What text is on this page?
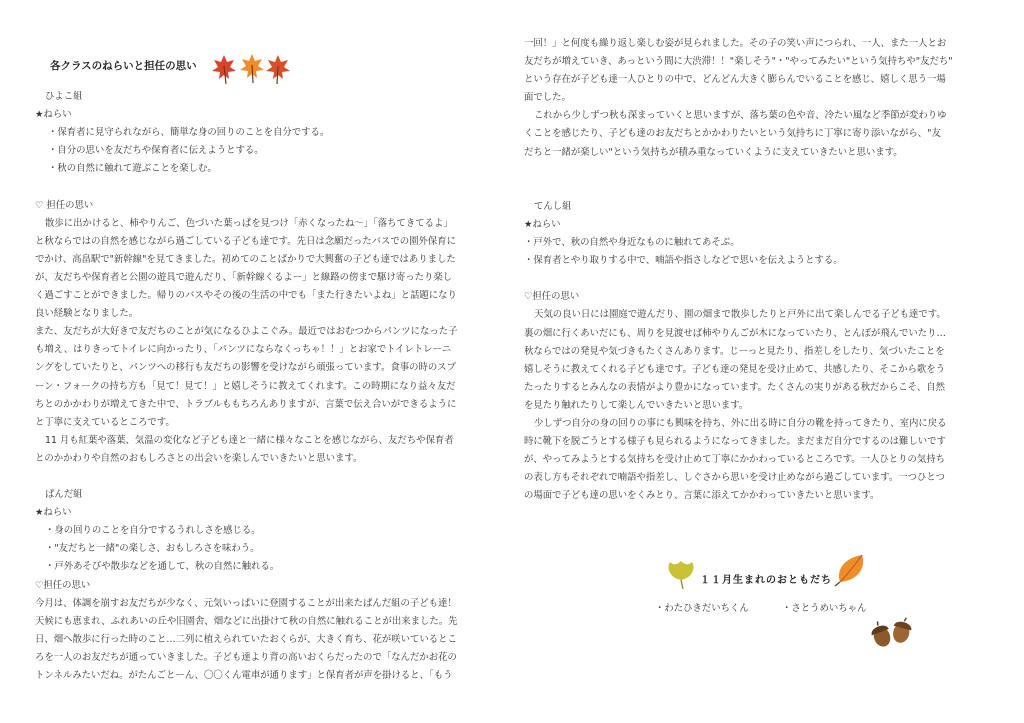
各クラスのねらいと担任の思い

ひよこ組

★ねらい

・保育者に見守られながら、簡単な身の回りのことを自分でする。

・自分の思いを友だちや保育者に伝えようとする。

・秋の自然に触れて遊ぶことを楽しむ。

♡ 担任の思い

散歩に出かけると、柿やりんご、色づいた葉っぱを見つけ「赤くなったね～」「落ちてきてるよ」

と秋ならではの自然を感じながら過ごしている子ども達です。先日は念願だったバスでの園外保育に

でかけ、高畠駅で"新幹線"を見てきました。初めてのことばかりで大興奮の子ども達ではありました

が、友だちや保育者と公園の遊具で遊んだり、「新幹線くるよー」と線路の傍まで駆け寄ったり楽し

く過ごすことができました。帰りのバスやその後の生活の中でも「また行きたいよね」と話題になり

良い経験となりました。

また、友だちが大好きで友だちのことが気になるひよこぐみ。最近ではおむつからパンツになった子

も増え、はりきってトイレに向かったり、「パンツにならなくっちゃ！！」とお家でトイレトレーニ

ングをしていたりと、パンツへの移行も友だちの影響を受けながら頑張っています。食事の時のスプ

ーン・フォークの持ち方も「見て！見て！」と嬉しそうに教えてくれます。この時期になり益々友だ

ちとのかかわりが増えてきた中で、トラブルももちろんありますが、言葉で伝え合いができるように

と丁寧に支えているところです。

11 月も紅葉や落葉、気温の変化など子ども達と一緒に様々なことを感じながら、友だちや保育者

とのかかわりや自然のおもしろさとの出会いを楽しんでいきたいと思います。

ぱんだ組

★ねらい

・身の回りのことを自分でするうれしさを感じる。

・"友だちと一緒"の楽しさ、おもしろさを味わう。

・戸外あそびや散歩などを通して、秋の自然に触れる。

♡担任の思い

今月は、体調を崩すお友だちが少なく、元気いっぱいに登園することが出来たぱんだ組の子ども達！

天候にも恵まれ、ふれあいの丘や旧園舎、畑などに出掛けて秋の自然に触れることが出来ました。先

日、畑へ散歩に行った時のこと…二列に植えられていたおくらが、大きく育ち、花が咲いているとこ

ろを一人のお友だちが通っていきました。子ども達より背の高いおくらだったので「なんだかお花の

トンネルみたいだね。がたんごとーん、〇〇くん電車が通ります」と保育者が声を掛けると、「もう

一回！」と何度も繰り返し楽しむ姿が見られました。その子の笑い声につられ、一人、また一人とお

友だちが増えていき、あっという間に大渋滞！！"楽しそう"・"やってみたい"という気持ちや"友だち"

という存在が子ども達一人ひとりの中で、どんどん大きく膨らんでいることを感じ、嬉しく思う一場

面でした。

これから少しずつ秋も深まっていくと思いますが、落ち葉の色や音、冷たい風など季節が変わりゆ

くことを感じたり、子ども達のお友だちとかかわりたいという気持ちに丁寧に寄り添いながら、"友

だちと一緒が楽しい"という気持ちが積み重なっていくように支えていきたいと思います。

てんし組

★ねらい

・戸外で、秋の自然や身近なものに触れてあそぶ。

・保育者とやり取りする中で、喃語や指さしなどで思いを伝えようとする。

♡担任の思い

天気の良い日には園庭で遊んだり、園の畑まで散歩したりと戸外に出て楽しんでる子ども達です。

裏の畑に行くあいだにも、周りを見渡せば柿やりんごが木になっていたり、とんぼが飛んでいたり…

秋ならではの発見や気づきもたくさんあります。じーっと見たり、指差しをしたり、気づいたことを

嬉しそうに教えてくれる子ども達です。子ども達の発見を受け止めて、共感したり、そこから歌をう

たったりするとみんなの表情がより豊かになっています。たくさんの実りがある秋だからこそ、自然

を見たり触れたりして楽しんでいきたいと思います。

少しずつ自分の身の回りの事にも興味を持ち、外に出る時に自分の靴を持ってきたり、室内に戻る

時に靴下を脱ごうとする様子も見られるようになってきました。まだまだ自分でするのは難しいです

が、やってみようとする気持ちを受け止めて丁寧にかかわっているところです。一人ひとりの気持ち

の表し方もそれぞれで喃語や指差し、しぐさから思いを受け止めながら過ごしています。一つひとつ

の場面で子ども達の思いをくみとり、言葉に添えてかかわっていきたいと思います。

１１月生まれのおともだち
・わたひきだいちくん	・さとうめいちゃん
